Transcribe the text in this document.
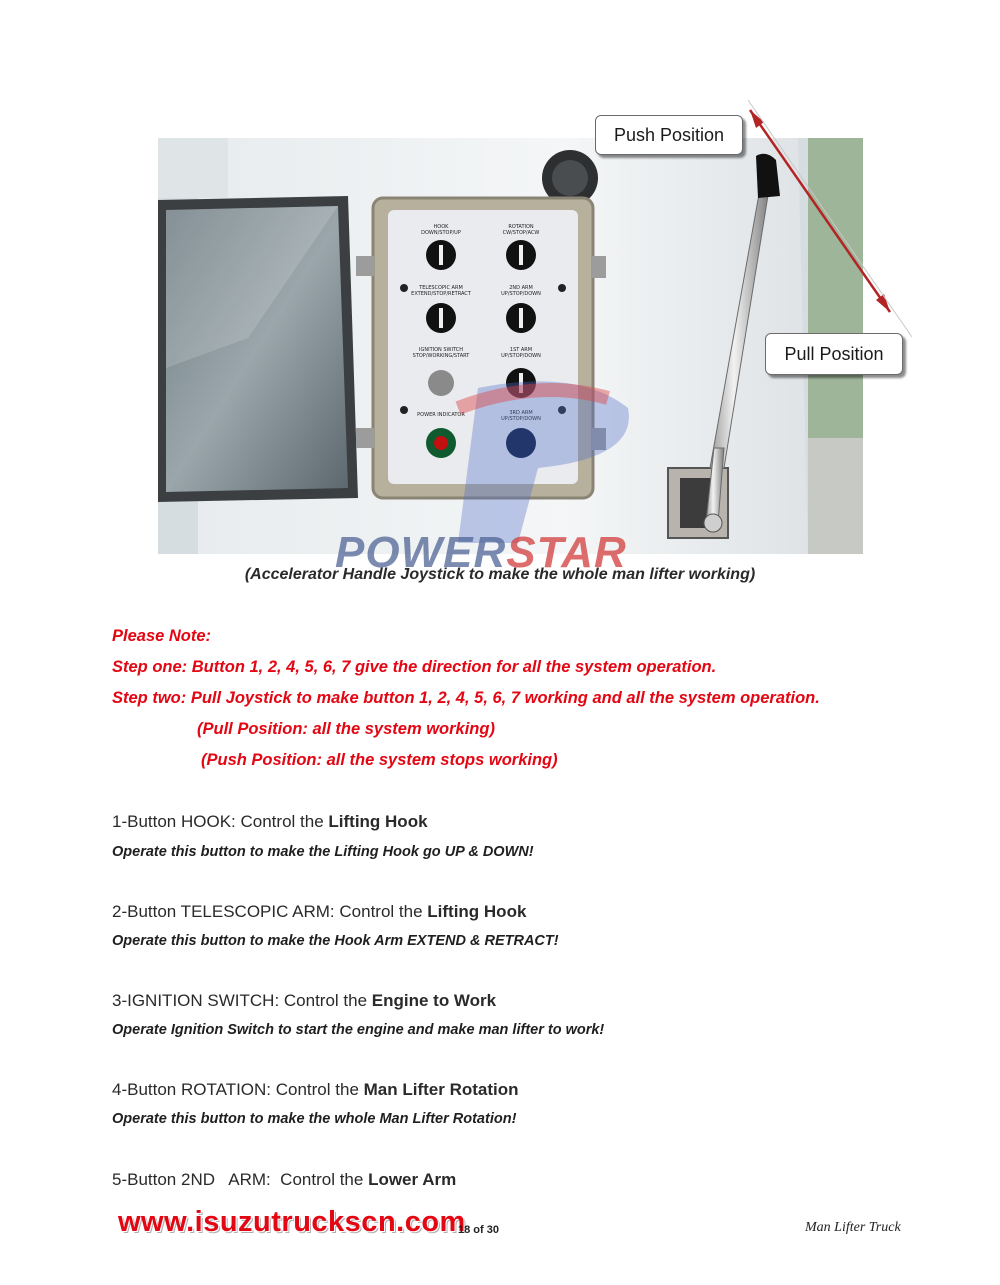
HOOK
DOWN/STOP/UP
ROTATION
CW/STOP/ACW
TELESCOPIC ARM
EXTEND/STOP/RETRACT
2ND ARM
UP/STOP/DOWN
IGNITION SWITCH
STOP/WORKING/START
1ST ARM
UP/STOP/DOWN
POWER INDICATOR
Push Position
Pull Position
POWERSTAR
(Accelerator Handle Joystick to make the whole man lifter working)
Please Note:
Step one: Button 1, 2, 4, 5, 6, 7 give the direction for all the system operation.
Step two: Pull Joystick to make button 1, 2, 4, 5, 6, 7 working and all the system operation.
(Pull Position: all the system working)
(Push Position: all the system stops working)
1-Button HOOK: Control the Lifting Hook
Operate this button to make the Lifting Hook go UP & DOWN!
2-Button TELESCOPIC ARM: Control the Lifting Hook
Operate this button to make the Hook Arm EXTEND & RETRACT!
3-IGNITION SWITCH: Control the Engine to Work
Operate Ignition Switch to start the engine and make man lifter to work!
4-Button ROTATION: Control the Man Lifter Rotation
Operate this button to make the whole Man Lifter Rotation!
5-Button 2ND   ARM:  Control the Lower Arm
www.isuzutruckscn.com
18 of 30	Man Lifter Truck
